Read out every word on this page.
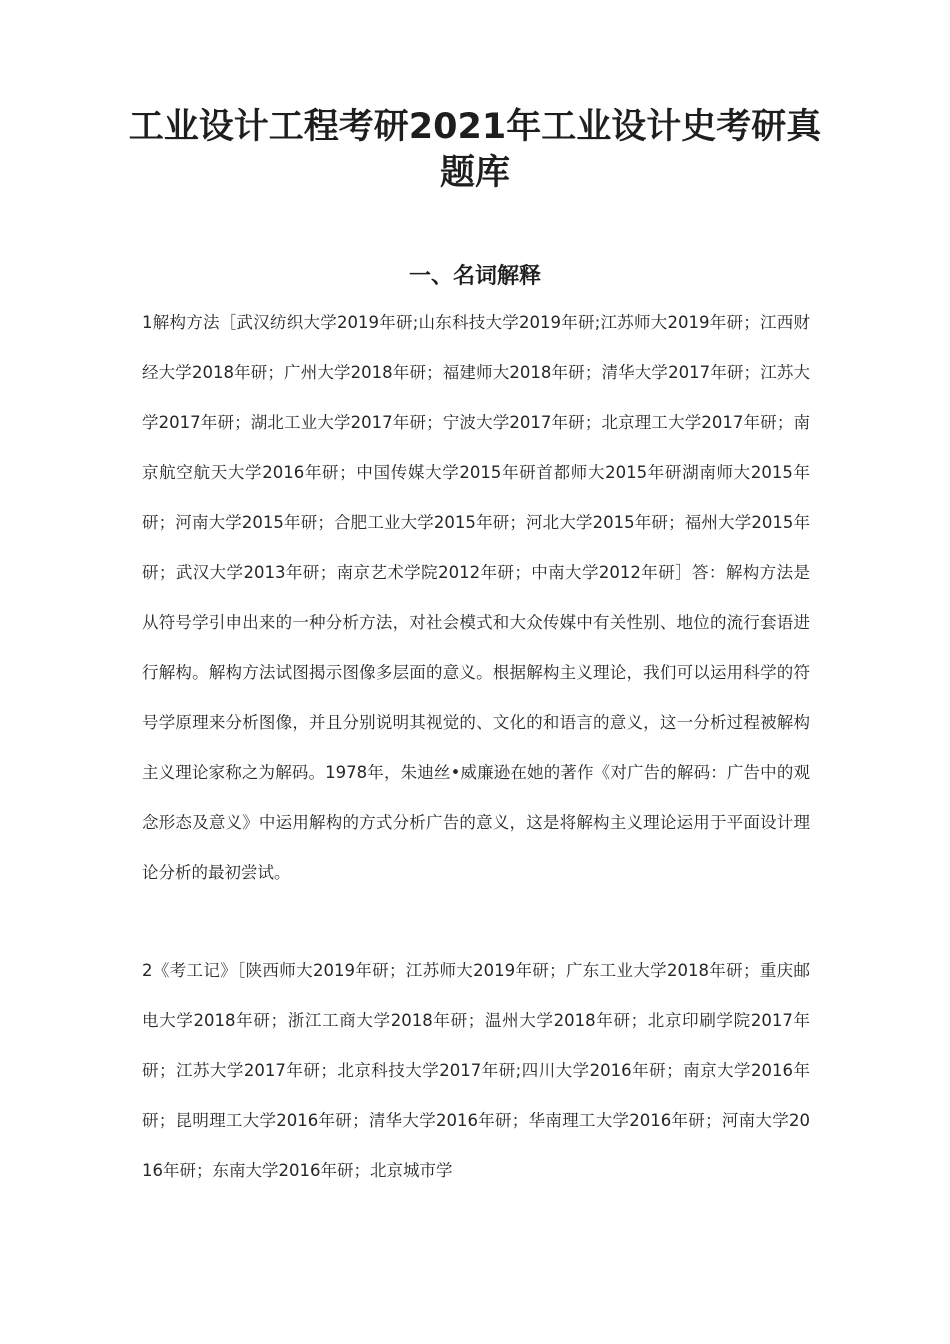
工业设计工程考研2021年工业设计史考研真题库
一、名词解释

1解构方法［武汉纺织大学2019年研;山东科技大学2019年研;江苏师大2019年研；江西财经大学2018年研；广州大学2018年研；福建师大2018年研；清华大学2017年研；江苏大学2017年研；湖北工业大学2017年研；宁波大学2017年研；北京理工大学2017年研；南京航空航天大学2016年研；中国传媒大学2015年研首都师大2015年研湖南师大2015年研；河南大学2015年研；合肥工业大学2015年研；河北大学2015年研；福州大学2015年研；武汉大学2013年研；南京艺术学院2012年研；中南大学2012年研］答：解构方法是从符号学引申出来的一种分析方法，对社会模式和大众传媒中有关性别、地位的流行套语进行解构。解构方法试图揭示图像多层面的意义。根据解构主义理论，我们可以运用科学的符号学原理来分析图像，并且分别说明其视觉的、文化的和语言的意义，这一分析过程被解构主义理论家称之为解码。1978年，朱迪丝•威廉逊在她的著作《对广告的解码：广告中的观念形态及意义》中运用解构的方式分析广告的意义，这是将解构主义理论运用于平面设计理论分析的最初尝试。

2《考工记》［陕西师大2019年研；江苏师大2019年研；广东工业大学2018年研；重庆邮电大学2018年研；浙江工商大学2018年研；温州大学2018年研；北京印刷学院2017年研；江苏大学2017年研；北京科技大学2017年研;四川大学2016年研；南京大学2016年研；昆明理工大学2016年研；清华大学2016年研；华南理工大学2016年研；河南大学2016年研；东南大学2016年研；北京城市学
